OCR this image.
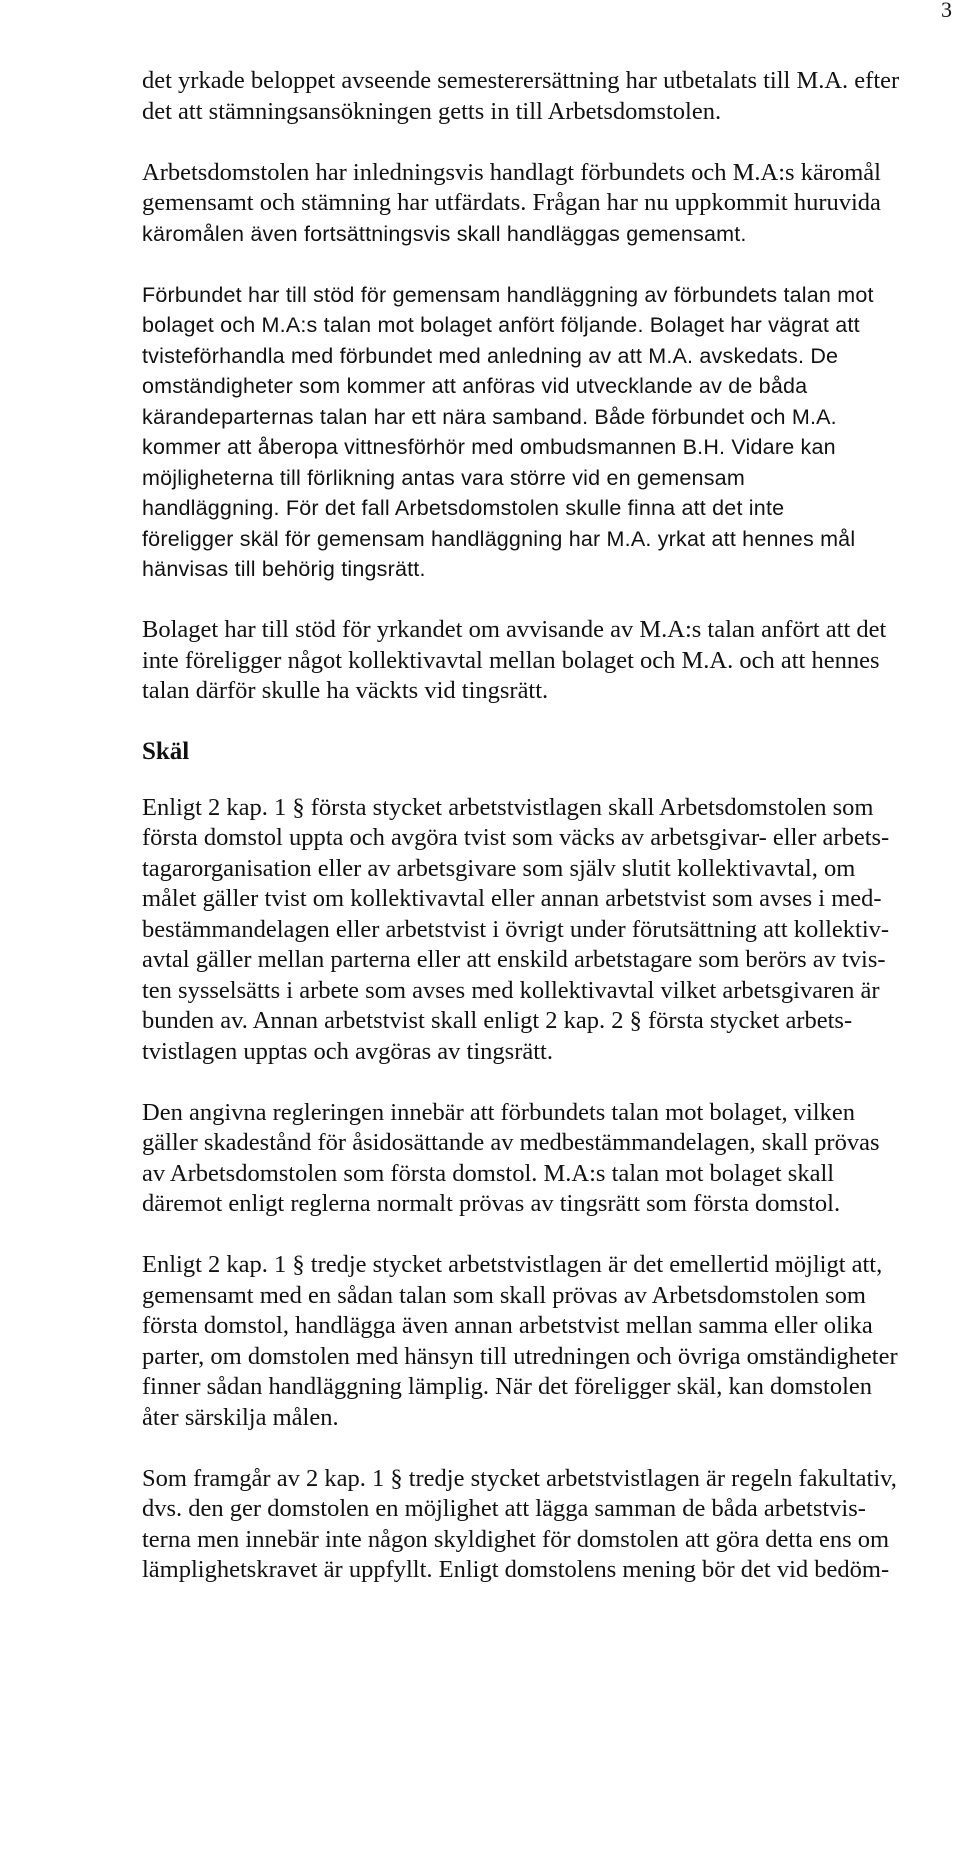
3
det yrkade beloppet avseende semesterersättning har utbetalats till M.A. efter
det att stämningsansökningen getts in till Arbetsdomstolen.
Arbetsdomstolen har inledningsvis handlagt förbundets och M.A:s käromål
gemensamt och stämning har utfärdats. Frågan har nu uppkommit huruvida
käromålen även fortsättningsvis skall handläggas gemensamt.
Förbundet har till stöd för gemensam handläggning av förbundets talan mot
bolaget och M.A:s talan mot bolaget anfört följande. Bolaget har vägrat att
tvisteförhandla med förbundet med anledning av att M.A. avskedats. De
omständigheter som kommer att anföras vid utvecklande av de båda
kärandeparternas talan har ett nära samband. Både förbundet och M.A.
kommer att åberopa vittnesförhör med ombudsmannen B.H. Vidare kan
möjligheterna till förlikning antas vara större vid en gemensam
handläggning. För det fall Arbetsdomstolen skulle finna att det inte
föreligger skäl för gemensam handläggning har M.A. yrkat att hennes mål
hänvisas till behörig tingsrätt.
Bolaget har till stöd för yrkandet om avvisande av M.A:s talan anfört att det
inte föreligger något kollektivavtal mellan bolaget och M.A. och att hennes
talan därför skulle ha väckts vid tingsrätt.
Skäl
Enligt 2 kap. 1 § första stycket arbetstvistlagen skall Arbetsdomstolen som
första domstol uppta och avgöra tvist som väcks av arbetsgivar- eller arbets-
tagarorganisation eller av arbetsgivare som själv slutit kollektivavtal, om
målet gäller tvist om kollektivavtal eller annan arbetstvist som avses i med-
bestämmandelagen eller arbetstvist i övrigt under förutsättning att kollektiv-
avtal gäller mellan parterna eller att enskild arbetstagare som berörs av tvis-
ten sysselsätts i arbete som avses med kollektivavtal vilket arbetsgivaren är
bunden av. Annan arbetstvist skall enligt 2 kap. 2 § första stycket arbets-
tvistlagen upptas och avgöras av tingsrätt.
Den angivna regleringen innebär att förbundets talan mot bolaget, vilken
gäller skadestånd för åsidosättande av medbestämmandelagen, skall prövas
av Arbetsdomstolen som första domstol. M.A:s talan mot bolaget skall
däremot enligt reglerna normalt prövas av tingsrätt som första domstol.
Enligt 2 kap. 1 § tredje stycket arbetstvistlagen är det emellertid möjligt att,
gemensamt med en sådan talan som skall prövas av Arbetsdomstolen som
första domstol, handlägga även annan arbetstvist mellan samma eller olika
parter, om domstolen med hänsyn till utredningen och övriga omständigheter
finner sådan handläggning lämplig. När det föreligger skäl, kan domstolen
åter särskilja målen.
Som framgår av 2 kap. 1 § tredje stycket arbetstvistlagen är regeln fakultativ,
dvs. den ger domstolen en möjlighet att lägga samman de båda arbetstvis-
terna men innebär inte någon skyldighet för domstolen att göra detta ens om
lämplighetskravet är uppfyllt. Enligt domstolens mening bör det vid bedöm-
